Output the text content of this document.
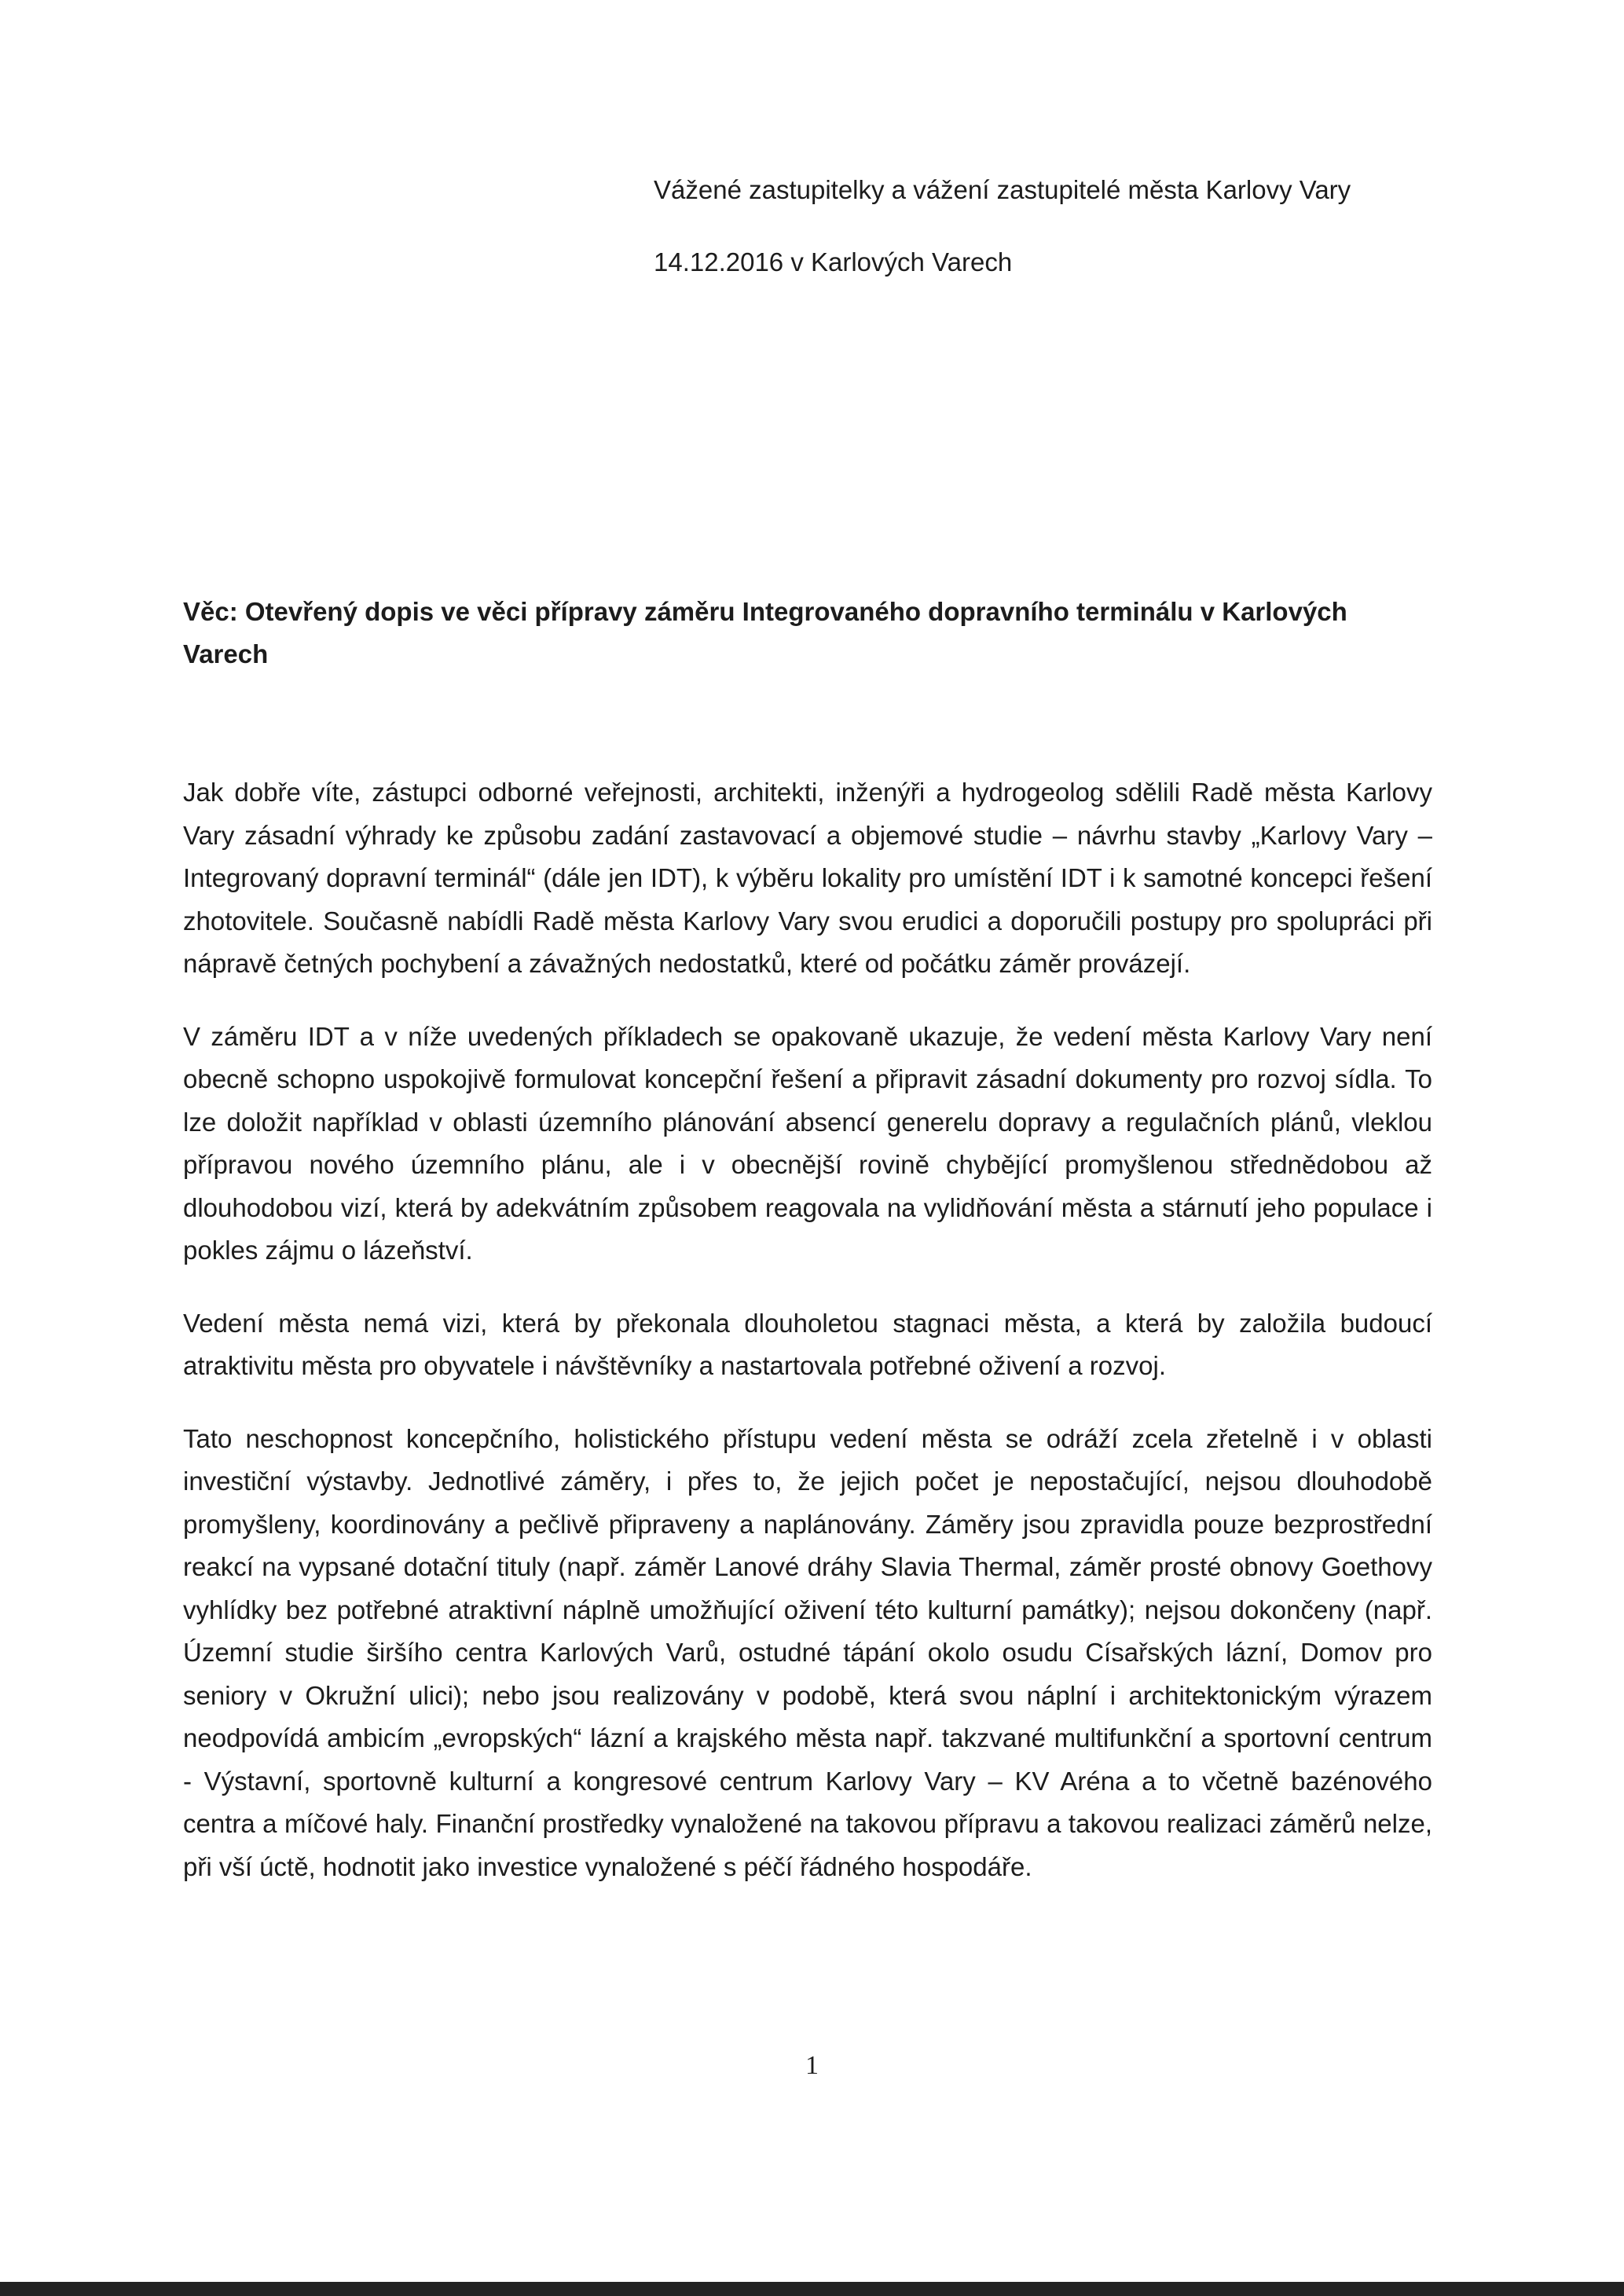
Vážené zastupitelky a vážení zastupitelé města Karlovy Vary
14.12.2016 v Karlových Varech
Věc: Otevřený dopis ve věci přípravy záměru Integrovaného dopravního terminálu v Karlových Varech

Jak dobře víte, zástupci odborné veřejnosti, architekti, inženýři a hydrogeolog sdělili Radě města Karlovy Vary zásadní výhrady ke způsobu zadání zastavovací a objemové studie – návrhu stavby „Karlovy Vary – Integrovaný dopravní terminál“ (dále jen IDT), k výběru lokality pro umístění IDT i k samotné koncepci řešení zhotovitele. Současně nabídli Radě města Karlovy Vary svou erudici a doporučili postupy pro spolupráci při nápravě četných pochybení a závažných nedostatků, které od počátku záměr provázejí.

V záměru IDT a v níže uvedených příkladech se opakovaně ukazuje, že vedení města Karlovy Vary není obecně schopno uspokojivě formulovat koncepční řešení a připravit zásadní dokumenty pro rozvoj sídla. To lze doložit například v oblasti územního plánování absencí generelu dopravy a regulačních plánů, vleklou přípravou nového územního plánu, ale i v obecnější rovině chybějící promyšlenou střednědobou až dlouhodobou vizí, která by adekvátním způsobem reagovala na vylidňování města a stárnutí jeho populace i pokles zájmu o lázeňství.

Vedení města nemá vizi, která by překonala dlouholetou stagnaci města, a která by založila budoucí atraktivitu města pro obyvatele i návštěvníky a nastartovala potřebné oživení a rozvoj.

Tato neschopnost koncepčního, holistického přístupu vedení města se odráží zcela zřetelně i v oblasti investiční výstavby. Jednotlivé záměry, i přes to, že jejich počet je nepostačující, nejsou dlouhodobě promyšleny, koordinovány a pečlivě připraveny a naplánovány. Záměry jsou zpravidla pouze bezprostřední reakcí na vypsané dotační tituly (např. záměr Lanové dráhy Slavia Thermal, záměr prosté obnovy Goethovy vyhlídky bez potřebné atraktivní náplně umožňující oživení této kulturní památky); nejsou dokončeny (např. Územní studie širšího centra Karlových Varů, ostudné tápání okolo osudu Císařských lázní, Domov pro seniory v Okružní ulici); nebo jsou realizovány v podobě, která svou náplní i architektonickým výrazem neodpovídá ambicím „evropských“ lázní a krajského města např. takzvané multifunkční a sportovní centrum - Výstavní, sportovně kulturní a kongresové centrum Karlovy Vary – KV Aréna a to včetně bazénového centra a míčové haly. Finanční prostředky vynaložené na takovou přípravu a takovou realizaci záměrů nelze, při vší úctě, hodnotit jako investice vynaložené s péčí řádného hospodáře.

1
